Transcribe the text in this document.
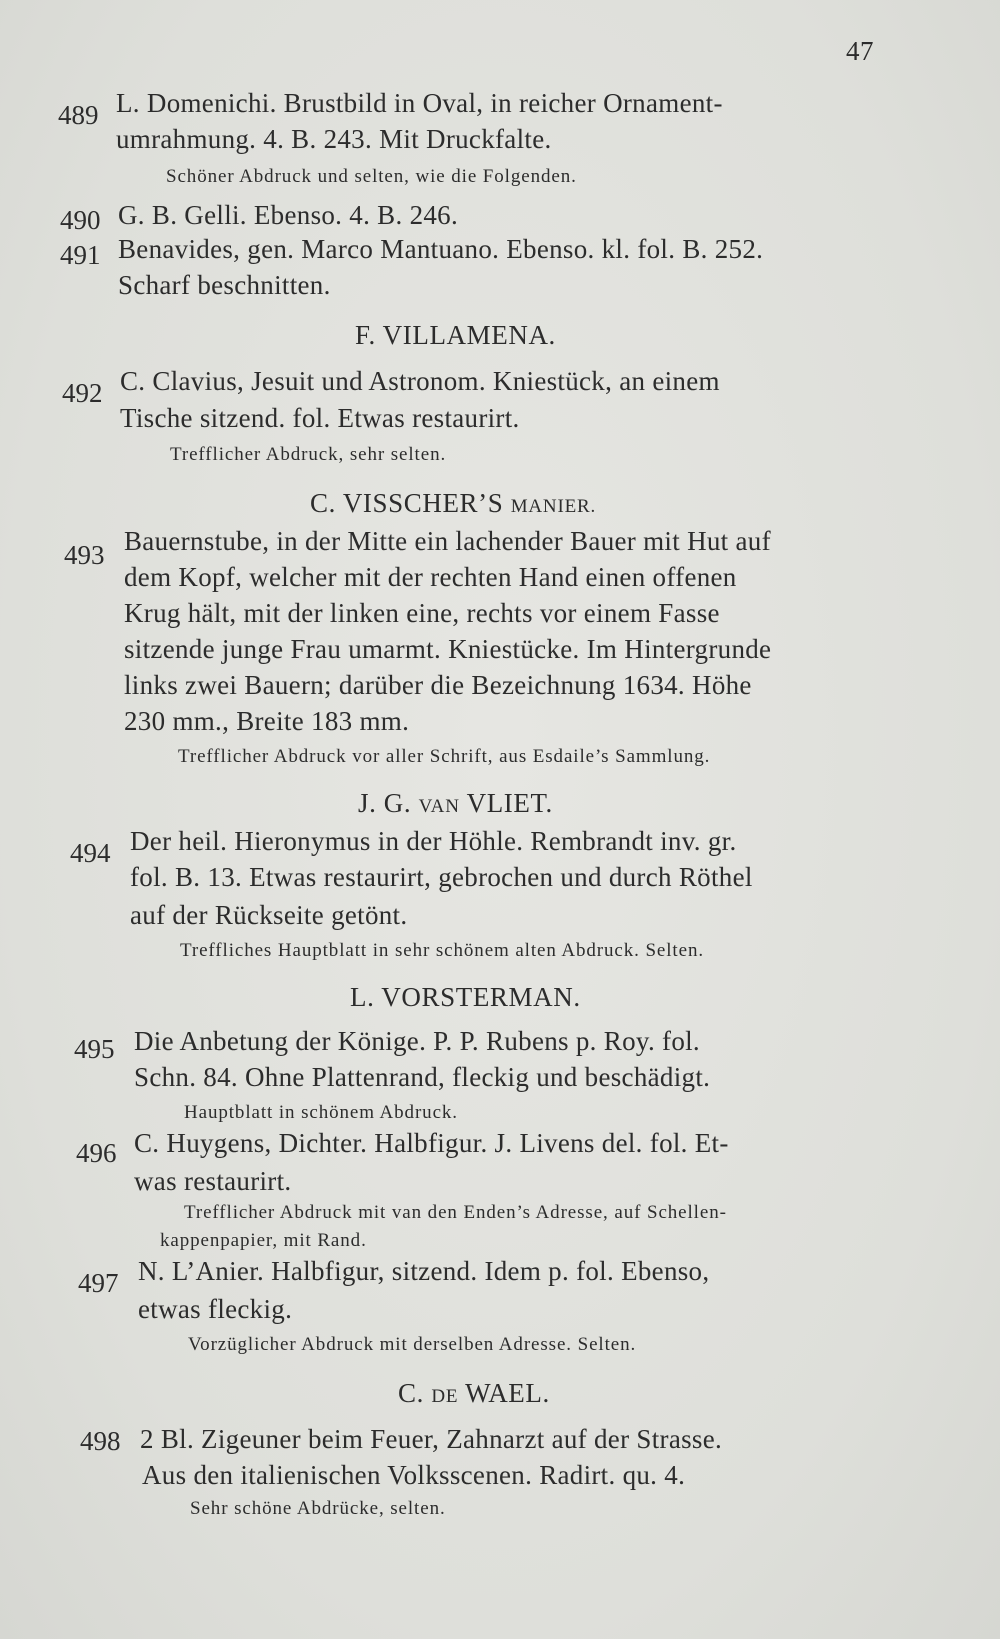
47
489 L. Domenichi. Brustbild in Oval, in reicher Ornament-
umrahmung. 4. B. 243. Mit Druckfalte.
Schöner Abdruck und selten, wie die Folgenden.
490 G. B. Gelli. Ebenso. 4. B. 246.
491 Benavides, gen. Marco Mantuano. Ebenso. kl. fol. B. 252.
Scharf beschnitten.
F. VILLAMENA.
492 C. Clavius, Jesuit und Astronom. Kniestück, an einem
Tische sitzend. fol. Etwas restaurirt.
Trefflicher Abdruck, sehr selten.
C. VISSCHER’S MANIER.
493 Bauernstube, in der Mitte ein lachender Bauer mit Hut auf
dem Kopf, welcher mit der rechten Hand einen offenen
Krug hält, mit der linken eine, rechts vor einem Fasse
sitzende junge Frau umarmt. Kniestücke. Im Hintergrunde
links zwei Bauern; darüber die Bezeichnung 1634. Höhe
230 mm., Breite 183 mm.
Trefflicher Abdruck vor aller Schrift, aus Esdaile’s Sammlung.
J. G. VAN VLIET.
494 Der heil. Hieronymus in der Höhle. Rembrandt inv. gr.
fol. B. 13. Etwas restaurirt, gebrochen und durch Röthel
auf der Rückseite getönt.
Treffliches Hauptblatt in sehr schönem alten Abdruck. Selten.
L. VORSTERMAN.
495 Die Anbetung der Könige. P. P. Rubens p. Roy. fol.
Schn. 84. Ohne Plattenrand, fleckig und beschädigt.
Hauptblatt in schönem Abdruck.
496 C. Huygens, Dichter. Halbfigur. J. Livens del. fol. Et-
was restaurirt.
Trefflicher Abdruck mit van den Enden’s Adresse, auf Schellen-
kappenpapier, mit Rand.
497 N. L’Anier. Halbfigur, sitzend. Idem p. fol. Ebenso,
etwas fleckig.
Vorzüglicher Abdruck mit derselben Adresse. Selten.
C. DE WAEL.
498 2 Bl. Zigeuner beim Feuer, Zahnarzt auf der Strasse.
Aus den italienischen Volksscenen. Radirt. qu. 4.
Sehr schöne Abdrücke, selten.
